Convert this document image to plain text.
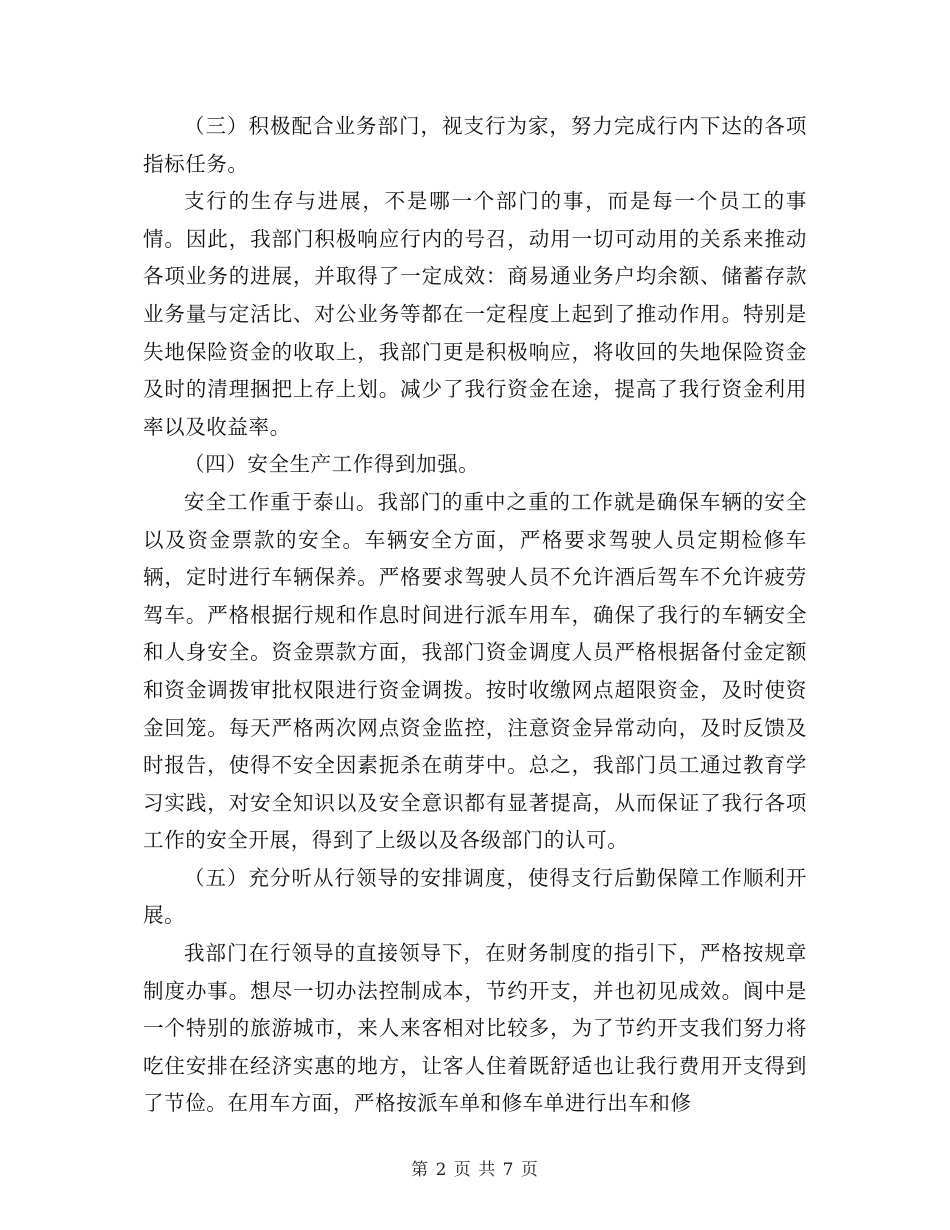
（三）积极配合业务部门，视支行为家，努力完成行内下达的各项指标任务。

支行的生存与进展，不是哪一个部门的事，而是每一个员工的事情。因此，我部门积极响应行内的号召，动用一切可动用的关系来推动各项业务的进展，并取得了一定成效：商易通业务户均余额、储蓄存款业务量与定活比、对公业务等都在一定程度上起到了推动作用。特别是失地保险资金的收取上，我部门更是积极响应，将收回的失地保险资金及时的清理捆把上存上划。减少了我行资金在途，提高了我行资金利用率以及收益率。

（四）安全生产工作得到加强。

安全工作重于泰山。我部门的重中之重的工作就是确保车辆的安全以及资金票款的安全。车辆安全方面，严格要求驾驶人员定期检修车辆，定时进行车辆保养。严格要求驾驶人员不允许酒后驾车不允许疲劳驾车。严格根据行规和作息时间进行派车用车，确保了我行的车辆安全和人身安全。资金票款方面，我部门资金调度人员严格根据备付金定额和资金调拨审批权限进行资金调拨。按时收缴网点超限资金，及时使资金回笼。每天严格两次网点资金监控，注意资金异常动向，及时反馈及时报告，使得不安全因素扼杀在萌芽中。总之，我部门员工通过教育学习实践，对安全知识以及安全意识都有显著提高，从而保证了我行各项工作的安全开展，得到了上级以及各级部门的认可。

（五）充分听从行领导的安排调度，使得支行后勤保障工作顺利开展。

我部门在行领导的直接领导下，在财务制度的指引下，严格按规章制度办事。想尽一切办法控制成本，节约开支，并也初见成效。阆中是一个特别的旅游城市，来人来客相对比较多，为了节约开支我们努力将吃住安排在经济实惠的地方，让客人住着既舒适也让我行费用开支得到了节俭。在用车方面，严格按派车单和修车单进行出车和修

第 2 页 共 7 页
